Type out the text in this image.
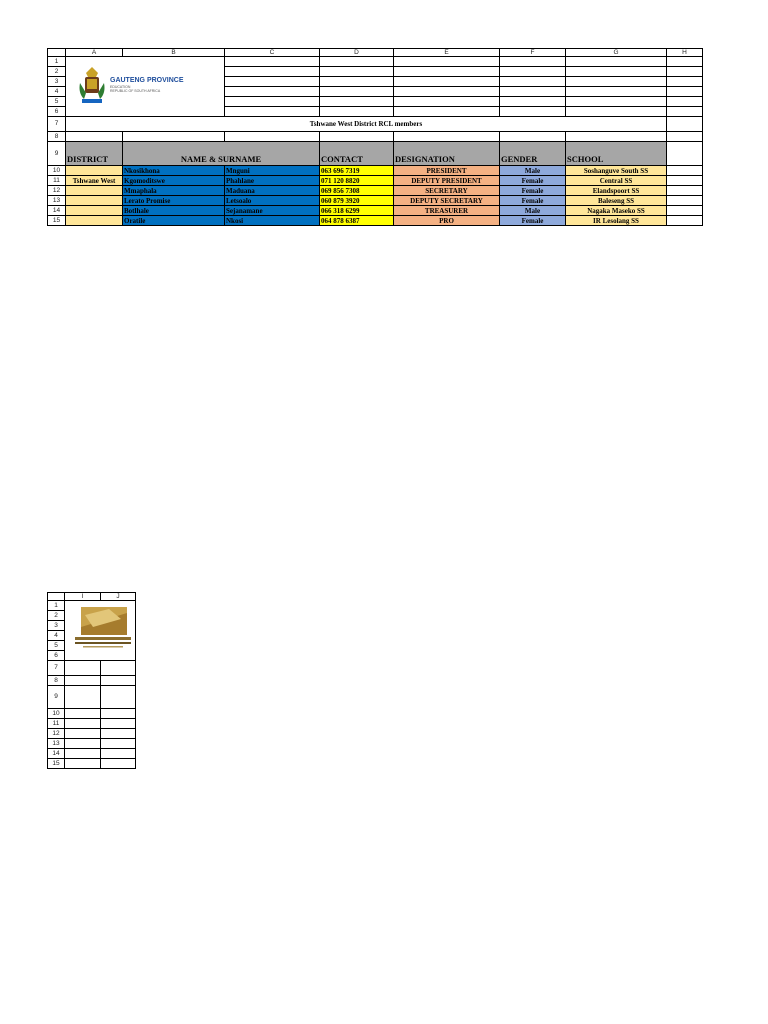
	A	B	C	D	E	F	G	H	
1	GAUTENG PROVINCE
EDUCATION
REPUBLIC OF SOUTH AFRICA

2									
3									
4									
5									
6									
7	Tshwane West District RCL members								
8									
9	DISTRICT	NAME & SURNAME		CONTACT	DESIGNATION	GENDER	SCHOOL		
10		Nkosikhona	Mnguni	063 696 7319	PRESIDENT	Male	Soshanguve South SS		
11	Tshwane West	Kgomoditswe	Phahlane	071 120 8820	DEPUTY PRESIDENT	Female	Central SS		
12		Mmaphala	Maduana	069 856 7308	SECRETARY	Female	Elandspoort SS		
13		Lerato Promise	Letsoalo	060 879 3920	DEPUTY SECRETARY	Female	Baleseng SS		
14		Botlhale	Sejanamane	066 318 6299	TREASURER	Male	Nagaka Maseko SS		
15		Oratile	Nkosi	064 878 6387	PRO	Female	IR Lesolang SS		
	I	J
1	

2		
3		
4		
5		
6		
7		
8		
9		
10		
11		
12		
13		
14		
15		
